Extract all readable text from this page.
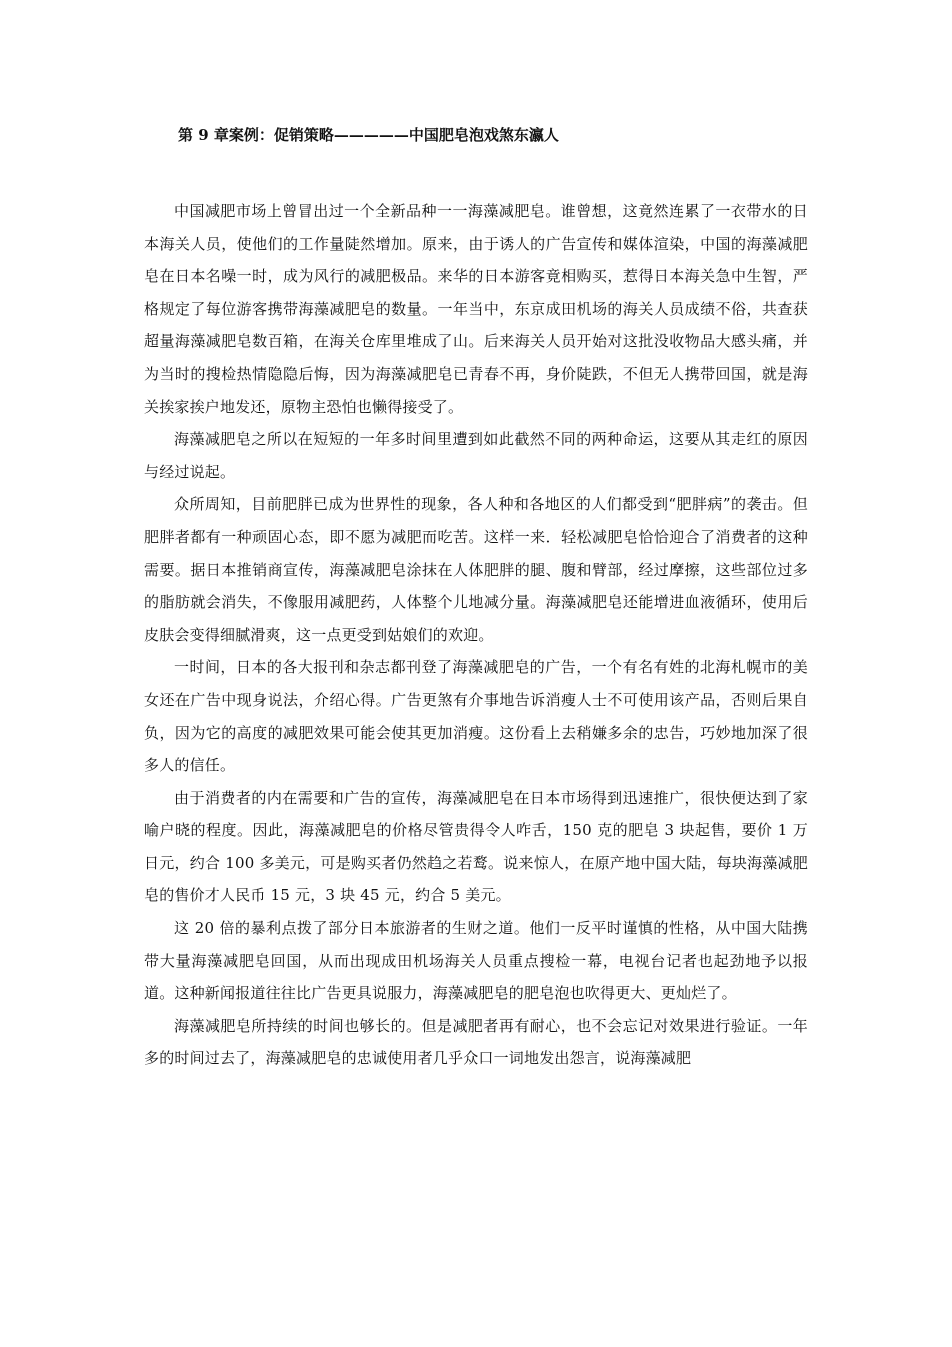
第 9 章案例：促销策略—————中国肥皂泡戏煞东瀛人

中国减肥市场上曾冒出过一个全新品种一一海藻减肥皂。谁曾想，这竟然连累了一衣带水的日本海关人员，使他们的工作量陡然增加。原来，由于诱人的广告宣传和媒体渲染，中国的海藻减肥皂在日本名噪一时，成为风行的减肥极品。来华的日本游客竟相购买，惹得日本海关急中生智，严格规定了每位游客携带海藻减肥皂的数量。一年当中，东京成田机场的海关人员成绩不俗，共查获超量海藻减肥皂数百箱，在海关仓库里堆成了山。后来海关人员开始对这批没收物品大感头痛，并为当时的搜检热情隐隐后悔，因为海藻减肥皂已青春不再，身价陡跌，不但无人携带回国，就是海关挨家挨户地发还，原物主恐怕也懒得接受了。

海藻减肥皂之所以在短短的一年多时间里遭到如此截然不同的两种命运，这要从其走红的原因与经过说起。

众所周知，目前肥胖已成为世界性的现象，各人种和各地区的人们都受到“肥胖病”的袭击。但肥胖者都有一种顽固心态，即不愿为减肥而吃苦。这样一来．轻松减肥皂恰恰迎合了消费者的这种需要。据日本推销商宣传，海藻减肥皂涂抹在人体肥胖的腿、腹和臂部，经过摩擦，这些部位过多的脂肪就会消失，不像服用减肥药，人体整个儿地减分量。海藻减肥皂还能增进血液循环，使用后皮肤会变得细腻滑爽，这一点更受到姑娘们的欢迎。

一时间，日本的各大报刊和杂志都刊登了海藻减肥皂的广告，一个有名有姓的北海札幌市的美女还在广告中现身说法，介绍心得。广告更煞有介事地告诉消瘦人士不可使用该产品，否则后果自负，因为它的高度的减肥效果可能会使其更加消瘦。这份看上去稍嫌多余的忠告，巧妙地加深了很多人的信任。

由于消费者的内在需要和广告的宣传，海藻减肥皂在日本市场得到迅速推广，很快便达到了家喻户晓的程度。因此，海藻减肥皂的价格尽管贵得令人咋舌，150 克的肥皂 3 块起售，要价 1 万日元，约合 100 多美元，可是购买者仍然趋之若鹜。说来惊人，在原产地中国大陆，每块海藻减肥皂的售价才人民币 15 元，3 块 45 元，约合 5 美元。

这 20 倍的暴利点拨了部分日本旅游者的生财之道。他们一反平时谨慎的性格，从中国大陆携带大量海藻减肥皂回国，从而出现成田机场海关人员重点搜检一幕，电视台记者也起劲地予以报道。这种新闻报道往往比广告更具说服力，海藻减肥皂的肥皂泡也吹得更大、更灿烂了。

海藻减肥皂所持续的时间也够长的。但是减肥者再有耐心，也不会忘记对效果进行验证。一年多的时间过去了，海藻减肥皂的忠诚使用者几乎众口一词地发出怨言，说海藻减肥
